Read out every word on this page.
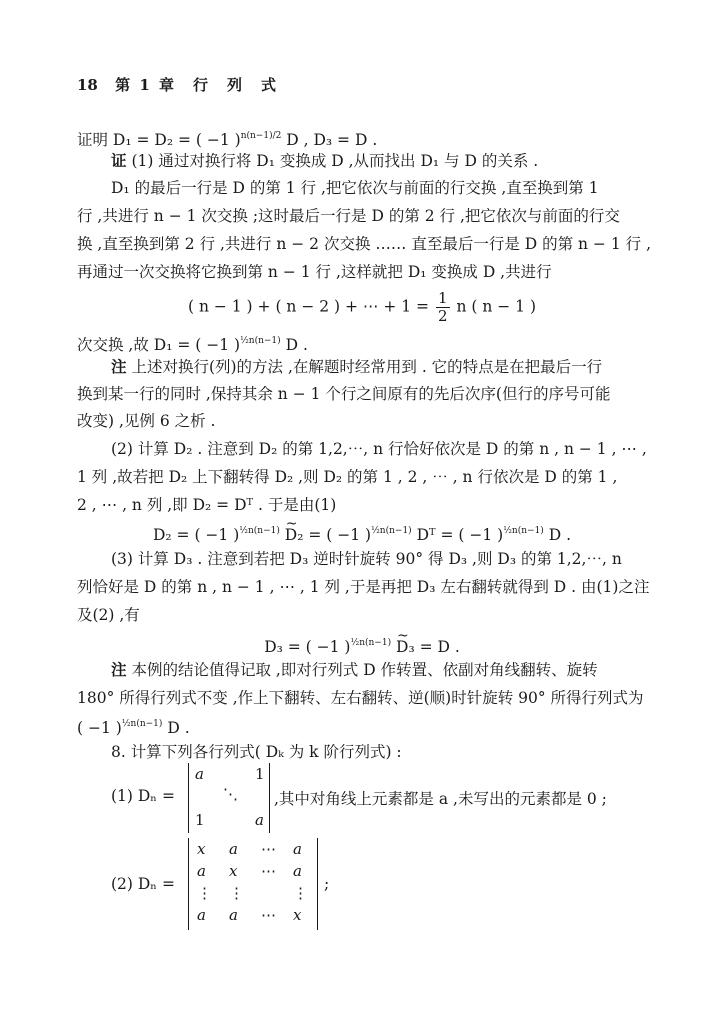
18 第 1 章　行　列　式
证明 D₁ = D₂ = ( −1 )$^{n(n-1)/2}$ D , D₃ = D .
证 (1) 通过对换行将 D₁ 变换成 D ,从而找出 D₁ 与 D 的关系 .
D₁ 的最后一行是 D 的第 1 行 ,把它依次与前面的行交换 ,直至换到第 1
行 ,共进行 n − 1 次交换 ;这时最后一行是 D 的第 2 行 ,把它依次与前面的行交
换 ,直至换到第 2 行 ,共进行 n − 2 次交换 …… 直至最后一行是 D 的第 n − 1 行 ,
再通过一次交换将它换到第 n − 1 行 ,这样就把 D₁ 变换成 D ,共进行
( n − 1 ) + ( n − 2 ) + ⋯ + $1 = \frac{1}{2}$ n ( n − 1 )
次交换 ,故 D₁ = ( −1 )$^{\frac{1}{2}n(n-1)}$ D .
注 上述对换行(列)的方法 ,在解题时经常用到 . 它的特点是在把最后一行
换到某一行的同时 ,保持其余 n − 1 个行之间原有的先后次序(但行的序号可能
改变) ,见例 6 之析 .
(2) 计算 D₂ . 注意到 D₂ 的第 1,2,⋯, n 行恰好依次是 D 的第 n , n − 1 , ⋯ ,
1 列 ,故若把 D₂ 上下翻转得 D₂ ,则 D₂ 的第 1 , 2 , ⋯ , n 行依次是 D 的第 1 ,
2 , ⋯ , n 列 ,即 D₂ = Dᵀ . 于是由(1)
D₂ = ( −1 )$^{\frac{1}{2}n(n-1)}$ ~ D₂ = ( −1 )$^{\frac{1}{2}n(n-1)}$ Dᵀ = ( −1 )$^{\frac{1}{2}n(n-1)}$ D .
(3) 计算 D₃ . 注意到若把 D₃ 逆时针旋转 90° 得 D₃ ,则 D₃ 的第 1,2,⋯, n
列恰好是 D 的第 n , n − 1 , ⋯ , 1 列 ,于是再把 D₃ 左右翻转就得到 D . 由(1)之注
及(2) ,有
D₃ = ( −1 )$^{\frac{1}{2}n(n-1)}$ ~ D₃ = D .
注 本例的结论值得记取 ,即对行列式 D 作转置、依副对角线翻转、旋转
180° 所得行列式不变 ,作上下翻转、左右翻转、逆(顺)时针旋转 90° 所得行列式为
( −1 )$^{\frac{1}{2}n(n-1)}$ D .
8. 计算下列各行列式( Dₖ 为 k 阶行列式) :
(1) Dₙ =
a	1
⋱
1	a
,其中对角线上元素都是 a ,未写出的元素都是 0 ;
(2) Dₙ =
x a ⋯ a
a x ⋯ a
⋮ ⋮	⋮
a a ⋯ x
;
